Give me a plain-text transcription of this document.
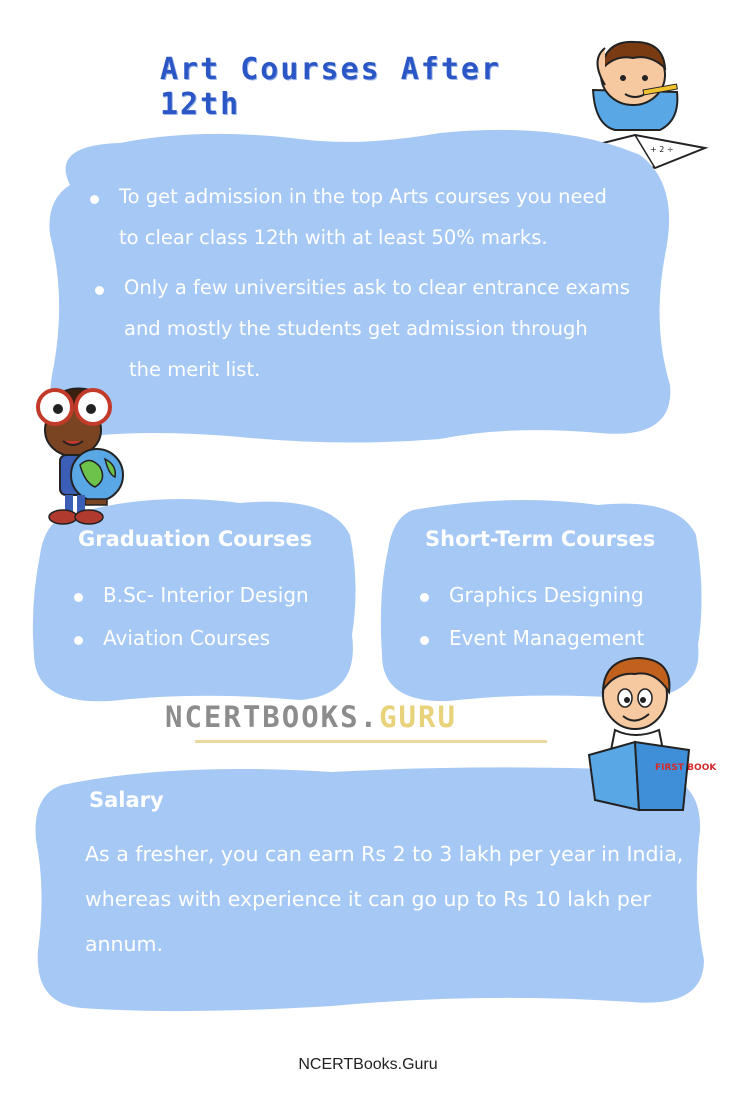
Art Courses After 12th
+ 2 ÷
To get admission in the top Arts courses you need
to clear class 12th with at least 50% marks.
Only a few universities ask to clear entrance exams
and mostly the students get admission through
the merit list.
Graduation Courses
B.Sc- Interior Design
Aviation Courses
Short-Term Courses
Graphics Designing
Event Management
NCERTBOOKS.GURU
Salary
As a fresher, you can earn Rs 2 to 3 lakh per year in India,
whereas with experience it can go up to Rs 10 lakh per
annum.
FIRST BOOK
NCERTBooks.Guru
